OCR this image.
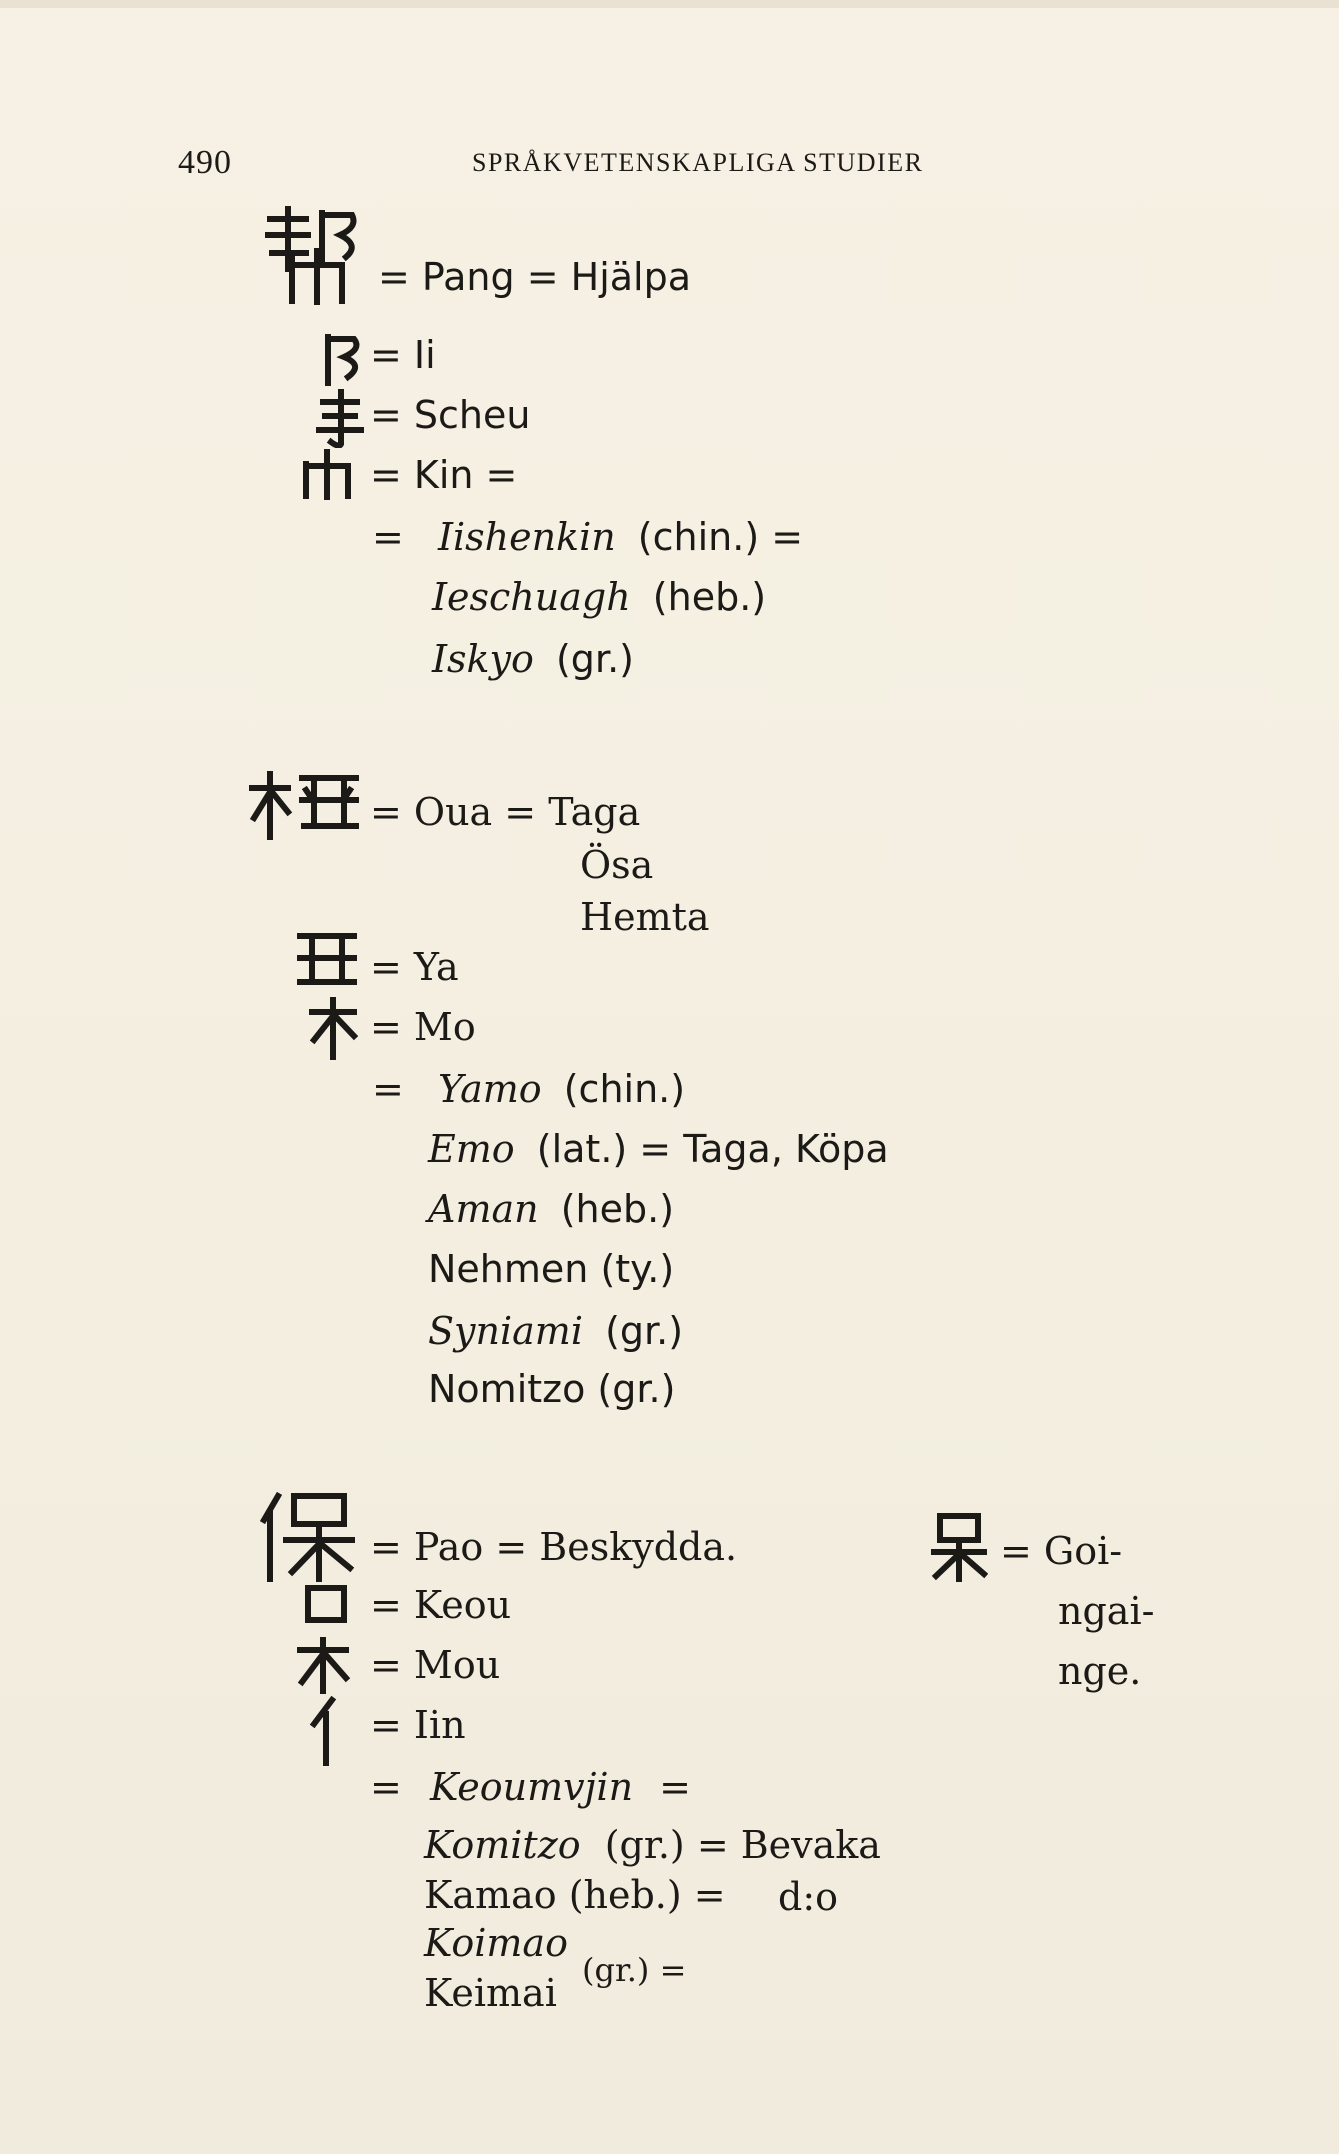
490	SPRÅKVETENSKAPLIGA STUDIER
= Pang = Hjälpa
= Ii
= Scheu
= Kin =
= Iishenkin (chin.) =
Ieschuagh (heb.)
Iskyo (gr.)
= Oua = Taga
Ösa
Hemta
= Ya
= Mo
= Yamo (chin.)
Emo (lat.) = Taga, Köpa
Aman (heb.)
Nehmen (ty.)
Syniami (gr.)
Nomitzo (gr.)
= Pao = Beskydda.
= Keou
= Mou
= Iin
= Keoumvjin =
Komitzo (gr.) = Bevaka
Kamao (heb.) = d:o
Koimao
Keimai
(gr.) =
= Goi-
ngai-
nge.
